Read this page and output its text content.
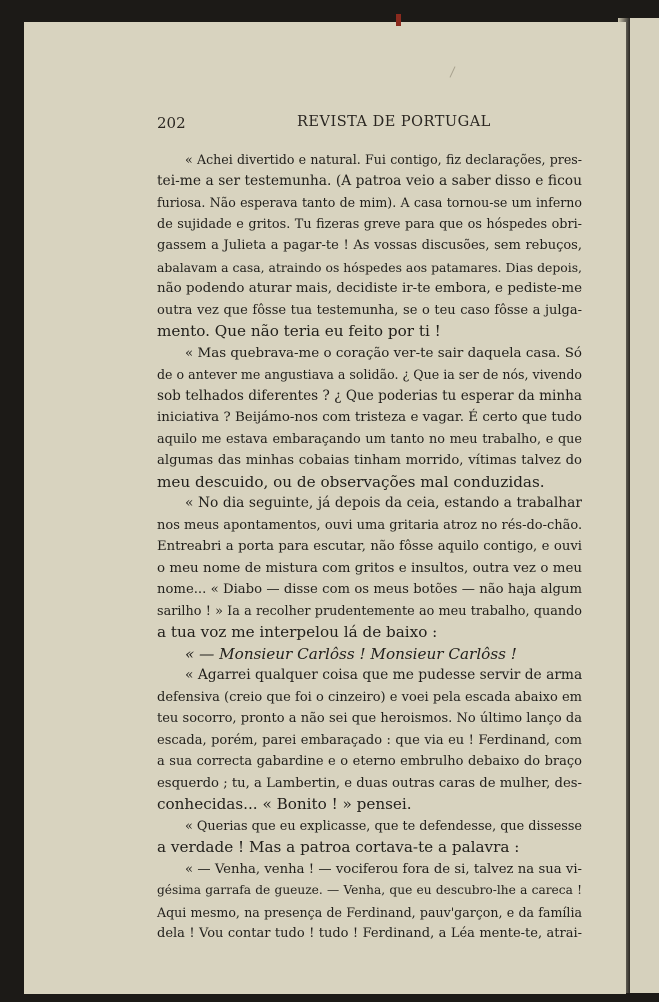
202	REVISTA DE PORTUGAL

« Achei divertido e natural. Fui contigo, fiz declarações, pres-
tei-me a ser testemunha. (A patroa veio a saber disso e ficou
furiosa. Não esperava tanto de mim). A casa tornou-se um inferno
de sujidade e gritos. Tu fizeras greve para que os hóspedes obri-
gassem a Julieta a pagar-te ! As vossas discusões, sem rebuços,
abalavam a casa, atraindo os hóspedes aos patamares. Dias depois,
não podendo aturar mais, decidiste ir-te embora, e pediste-me
outra vez que fôsse tua testemunha, se o teu caso fôsse a julga-
mento. Que não teria eu feito por ti !

« Mas quebrava-me o coração ver-te sair daquela casa. Só
de o antever me angustiava a solidão. ¿ Que ia ser de nós, vivendo
sob telhados diferentes ? ¿ Que poderias tu esperar da minha
iniciativa ? Beijámo-nos com tristeza e vagar. É certo que tudo
aquilo me estava embaraçando um tanto no meu trabalho, e que
algumas das minhas cobaias tinham morrido, vítimas talvez do
meu descuido, ou de observações mal conduzidas.

« No dia seguinte, já depois da ceia, estando a trabalhar
nos meus apontamentos, ouvi uma gritaria atroz no rés-do-chão.
Entreabri a porta para escutar, não fôsse aquilo contigo, e ouvi
o meu nome de mistura com gritos e insultos, outra vez o meu
nome... « Diabo — disse com os meus botões — não haja algum
sarilho ! » Ia a recolher prudentemente ao meu trabalho, quando
a tua voz me interpelou lá de baixo :

« — Monsieur Carlôss ! Monsieur Carlôss !

« Agarrei qualquer coisa que me pudesse servir de arma
defensiva (creio que foi o cinzeiro) e voei pela escada abaixo em
teu socorro, pronto a não sei que heroismos. No último lanço da
escada, porém, parei embaraçado : que via eu ! Ferdinand, com
a sua correcta gabardine e o eterno embrulho debaixo do braço
esquerdo ; tu, a Lambertin, e duas outras caras de mulher, des-
conhecidas... « Bonito ! » pensei.

« Querias que eu explicasse, que te defendesse, que dissesse
a verdade ! Mas a patroa cortava-te a palavra :

« — Venha, venha ! — vociferou fora de si, talvez na sua vi-
gésima garrafa de gueuze. — Venha, que eu descubro-lhe a careca !
Aqui mesmo, na presença de Ferdinand, pauv'garçon, e da família
dela ! Vou contar tudo ! tudo ! Ferdinand, a Léa mente-te, atrai-
